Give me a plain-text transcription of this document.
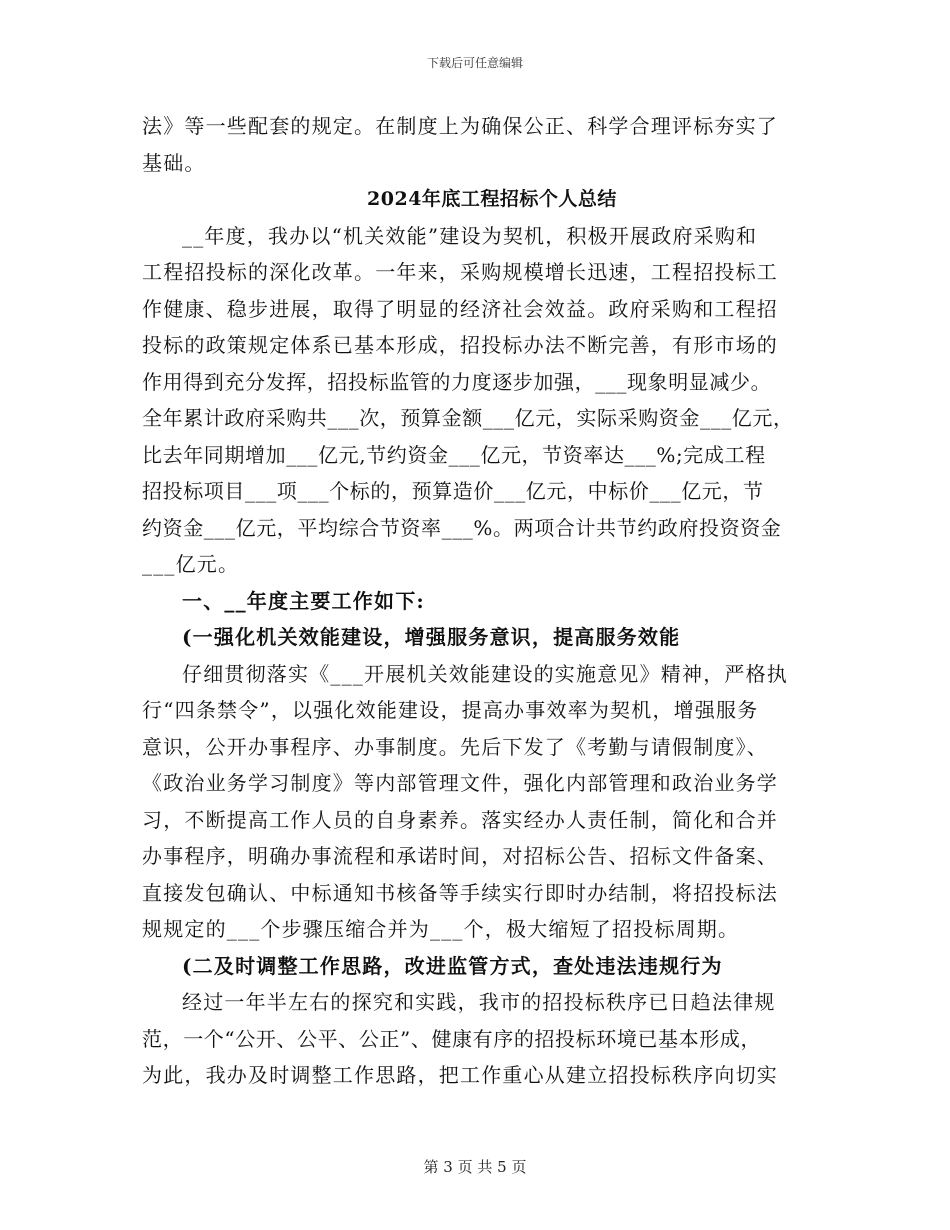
下载后可任意编辑
法》等一些配套的规定。在制度上为确保公正、科学合理评标夯实了
基础。
2024年底工程招标个人总结
__年度，我办以“机关效能”建设为契机，积极开展政府采购和
工程招投标的深化改革。一年来，采购规模增长迅速，工程招投标工
作健康、稳步进展，取得了明显的经济社会效益。政府采购和工程招
投标的政策规定体系已基本形成，招投标办法不断完善，有形市场的
作用得到充分发挥，招投标监管的力度逐步加强，___现象明显减少。
全年累计政府采购共___次，预算金额___亿元，实际采购资金___亿元，
比去年同期增加___亿元,节约资金___亿元，节资率达___%;完成工程
招投标项目___项___个标的，预算造价___亿元，中标价___亿元，节
约资金___亿元，平均综合节资率___%。两项合计共节约政府投资资金
___亿元。
一、__年度主要工作如下:
(一强化机关效能建设，增强服务意识，提高服务效能
仔细贯彻落实《___开展机关效能建设的实施意见》精神，严格执
行“四条禁令”，以强化效能建设，提高办事效率为契机，增强服务
意识，公开办事程序、办事制度。先后下发了《考勤与请假制度》、
《政治业务学习制度》等内部管理文件，强化内部管理和政治业务学
习，不断提高工作人员的自身素养。落实经办人责任制，简化和合并
办事程序，明确办事流程和承诺时间，对招标公告、招标文件备案、
直接发包确认、中标通知书核备等手续实行即时办结制，将招投标法
规规定的___个步骤压缩合并为___个，极大缩短了招投标周期。
(二及时调整工作思路，改进监管方式，查处违法违规行为
经过一年半左右的探究和实践，我市的招投标秩序已日趋法律规
范，一个“公开、公平、公正”、健康有序的招投标环境已基本形成，
为此，我办及时调整工作思路，把工作重心从建立招投标秩序向切实
第 3 页 共 5 页
